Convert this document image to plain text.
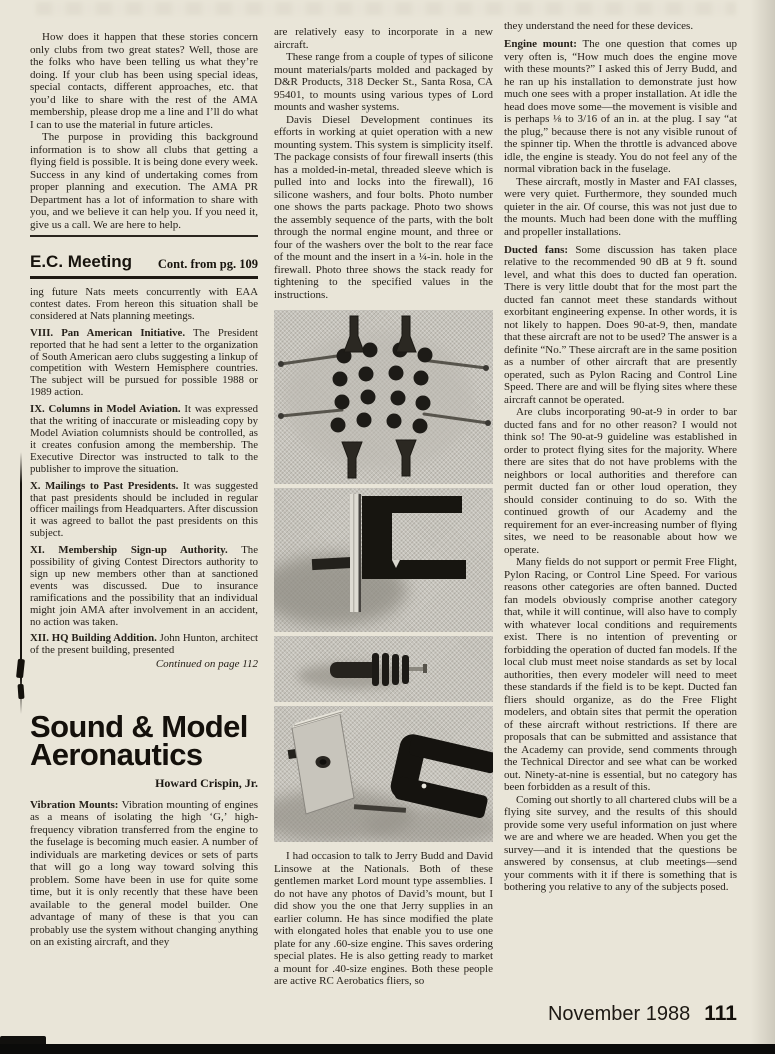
How does it happen that these stories concern only clubs from two great states? Well, those are the folks who have been telling us what they’re doing. If your club has been using special ideas, special contacts, different approaches, etc. that you’d like to share with the rest of the AMA membership, please drop me a line and I’ll do what I can to use the material in future articles.

The purpose in providing this background information is to show all clubs that getting a flying field is possible. It is being done every week. Success in any kind of undertaking comes from proper planning and execution. The AMA PR Department has a lot of information to share with you, and we believe it can help you. If you need it, give us a call. We are here to help.

E.C. Meeting Cont. from pg. 109

ing future Nats meets concurrently with EAA contest dates. From hereon this situation shall be considered at Nats planning meetings.

VIII. Pan American Initiative. The President reported that he had sent a letter to the organization of South American aero clubs suggesting a linkup of competition with Western Hemisphere countries. The subject will be pursued for possible 1988 or 1989 action.

IX. Columns in Model Aviation. It was expressed that the writing of inaccurate or misleading copy by Model Aviation columnists should be controlled, as it creates confusion among the membership. The Executive Director was instructed to talk to the publisher to improve the situation.

X. Mailings to Past Presidents. It was suggested that past presidents should be included in regular officer mailings from Headquarters. After discussion it was agreed to ballot the past presidents on this subject.

XI. Membership Sign-up Authority. The possibility of giving Contest Directors authority to sign up new members other than at sanctioned events was discussed. Due to insurance ramifications and the possibility that an individual might join AMA after involvement in an accident, no action was taken.

XII. HQ Building Addition. John Hunton, architect of the present building, presented

Continued on page 112

Sound & Model
Aeronautics

Howard Crispin, Jr.

Vibration Mounts: Vibration mounting of engines as a means of isolating the high ‘G,’ high-frequency vibration transferred from the engine to the fuselage is becoming much easier. A number of individuals are marketing devices or sets of parts that will go a long way toward solving this problem. Some have been in use for quite some time, but it is only recently that these have been available to the general model builder. One advantage of many of these is that you can probably use the system without changing anything on an existing aircraft, and they

are relatively easy to incorporate in a new aircraft.

These range from a couple of types of silicone mount materials/parts molded and packaged by D&R Products, 318 Decker St., Santa Rosa, CA 95401, to mounts using various types of Lord mounts and washer systems.

Davis Diesel Development continues its efforts in working at quiet operation with a new mounting system. This system is simplicity itself. The package consists of four firewall inserts (this has a molded-in-metal, threaded sleeve which is pulled into and locks into the firewall), 16 silicone washers, and four bolts. Photo number one shows the parts package. Photo two shows the assembly sequence of the parts, with the bolt through the normal engine mount, and three or four of the washers over the bolt to the rear face of the mount and the insert in a ¼-in. hole in the firewall. Photo three shows the stack ready for tightening to the specified values in the instructions.

I had occasion to talk to Jerry Budd and David Linsowe at the Nationals. Both of these gentlemen market Lord mount type assemblies. I do not have any photos of David’s mount, but I did show you the one that Jerry supplies in an earlier column. He has since modified the plate with elongated holes that enable you to use one plate for any .60-size engine. This saves ordering special plates. He is also getting ready to market a mount for .40-size engines. Both these people are active RC Aerobatics fliers, so

they understand the need for these devices.

Engine mount: The one question that comes up very often is, “How much does the engine move with these mounts?” I asked this of Jerry Budd, and he ran up his installation to demonstrate just how much one sees with a proper installation. At idle the head does move some—the movement is visible and is perhaps ⅛ to 3/16 of an in. at the plug. I say “at the plug,” because there is not any visible runout of the spinner tip. When the throttle is advanced above idle, the engine is steady. You do not feel any of the normal vibration back in the fuselage.

These aircraft, mostly in Master and FAI classes, were very quiet. Furthermore, they sounded much quieter in the air. Of course, this was not just due to the mounts. Much had been done with the muffling and propeller installations.

Ducted fans: Some discussion has taken place relative to the recommended 90 dB at 9 ft. sound level, and what this does to ducted fan operation. There is very little doubt that for the most part the ducted fan cannot meet these standards without exorbitant engineering expense. In other words, it is not likely to happen. Does 90-at-9, then, mandate that these aircraft are not to be used? The answer is a definite “No.” These aircraft are in the same position as a number of other aircraft that are presently operated, such as Pylon Racing and Control Line Speed. There are and will be flying sites where these aircraft cannot be operated.

Are clubs incorporating 90-at-9 in order to bar ducted fans and for no other reason? I would not think so! The 90-at-9 guideline was established in order to protect flying sites for the majority. Where there are sites that do not have problems with the neighbors or local authorities and therefore can permit ducted fan or other loud operation, they should consider continuing to do so. With the continued growth of our Academy and the requirement for an ever-increasing number of flying sites, we need to be reasonable about how we operate.

Many fields do not support or permit Free Flight, Pylon Racing, or Control Line Speed. For various reasons other categories are often banned. Ducted fan models obviously comprise another category that, while it will continue, will also have to comply with whatever local conditions and requirements exist. There is no intention of preventing or forbidding the operation of ducted fan models. If the local club must meet noise standards as set by local authorities, then every modeler will need to meet these standards if the field is to be kept. Ducted fan fliers should organize, as do the Free Flight modelers, and obtain sites that permit the operation of these aircraft without restrictions. If there are proposals that can be submitted and assistance that the Academy can provide, send comments through the Technical Director and see what can be worked out. Ninety-at-nine is essential, but no category has been forbidden as a result of this.

Coming out shortly to all chartered clubs will be a flying site survey, and the results of this should provide some very useful information on just where we are and where we are headed. When you get the survey—and it is intended that the questions be answered by consensus, at club meetings—send your comments with it if there is something that is bothering you relative to any of the subjects posed.

November 1988 111
